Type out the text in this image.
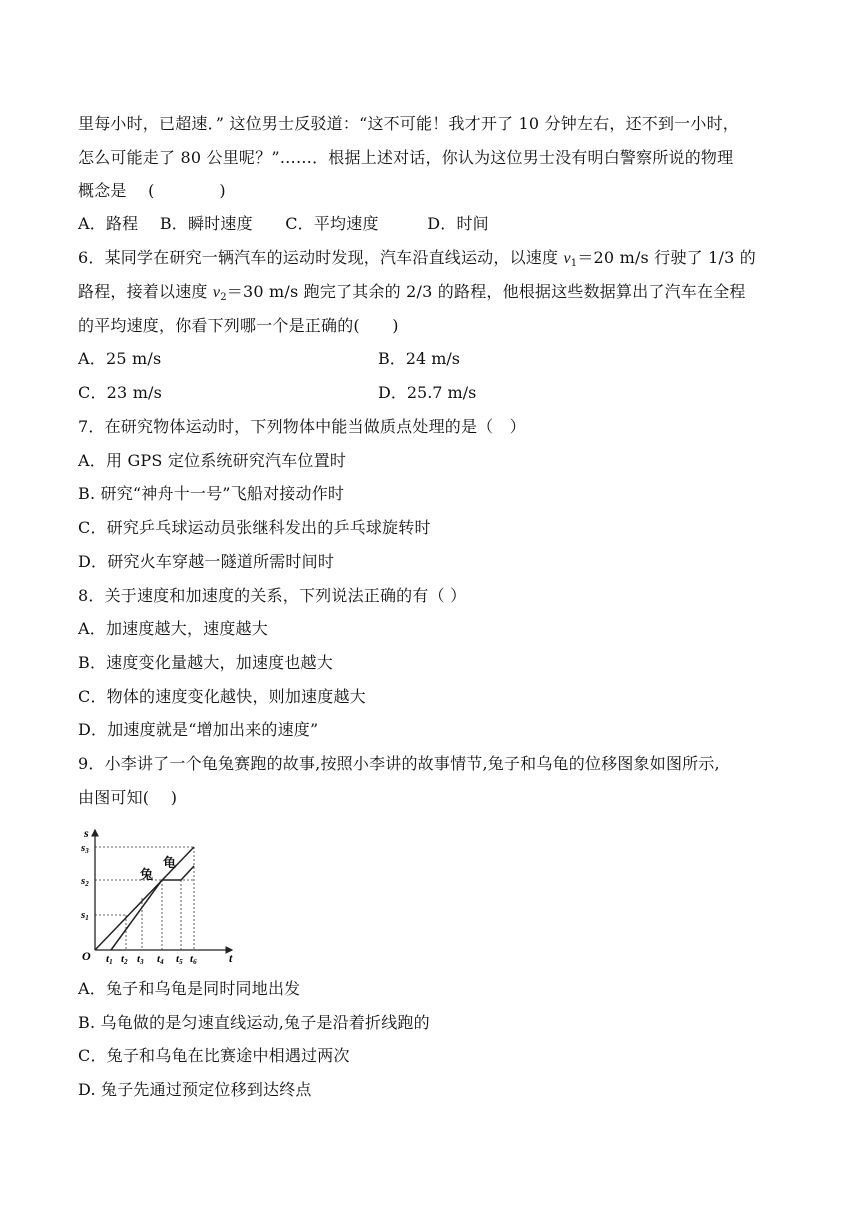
里每小时，已超速．” 这位男士反驳道：“这不可能！我才开了 10 分钟左右，还不到一小时，
怎么可能走了 80 公里呢？”……．根据上述对话，你认为这位男士没有明白警察所说的物理
概念是　 (　　　　)
A．路程　 B．瞬时速度　　C．平均速度　　　D．时间
6．某同学在研究一辆汽车的运动时发现，汽车沿直线运动，以速度 $v_1=20$ m/s 行驶了 1/3 的
路程，接着以速度 $v_2=30$ m/s 跑完了其余的 2/3 的路程，他根据这些数据算出了汽车在全程
的平均速度，你看下列哪一个是正确的(　　)
A．25 m/s	B．24 m/s
C．23 m/s	D．25.7 m/s
7．在研究物体运动时，下列物体中能当做质点处理的是（　）
A．用 GPS 定位系统研究汽车位置时
B. 研究“神舟十一号”飞船对接动作时
C．研究乒乓球运动员张继科发出的乒乓球旋转时
D．研究火车穿越一隧道所需时间时
8．关于速度和加速度的关系，下列说法正确的有（ ）
A．加速度越大，速度越大
B．速度变化量越大，加速度也越大
C．物体的速度变化越快，则加速度越大
D．加速度就是“增加出来的速度”
9．小李讲了一个龟兔赛跑的故事,按照小李讲的故事情节,兔子和乌龟的位移图象如图所示,
由图可知(　 )
龟
兔
s
t
O
s3
s2
s1
t1 t2 t3 t4 t5 t6
A．兔子和乌龟是同时同地出发
B. 乌龟做的是匀速直线运动,兔子是沿着折线跑的
C．兔子和乌龟在比赛途中相遇过两次
D. 兔子先通过预定位移到达终点
